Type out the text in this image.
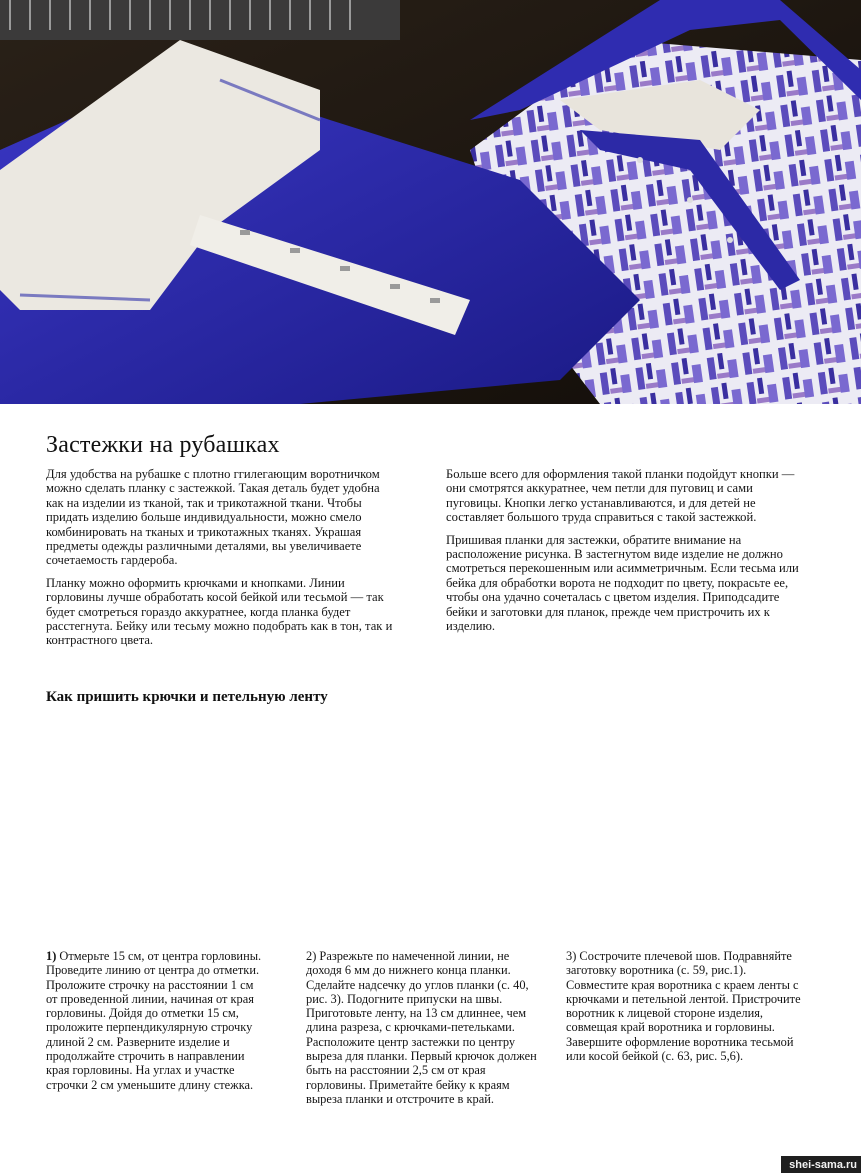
Застежки на рубашках

Для удобства на рубашке с плотно ггилегающим воротничком можно сделать планку с застежкой. Такая деталь будет удобна как на изделии из тканой, так и трикотажной ткани. Чтобы придать изделию больше индивидуальности, можно смело комбинировать на тканых и трикотажных тканях. Украшая предметы одежды различными деталями, вы увеличиваете сочетаемость гардероба.

Планку можно оформить крючками и кнопками. Линии горловины лучше обработать косой бейкой или тесьмой — так будет смотреться гораздо аккуратнее, когда планка будет расстегнута. Бейку или тесьму можно подобрать как в тон, так и контрастного цвета.

Больше всего для оформления такой планки подойдут кнопки — они смотрятся аккуратнее, чем петли для пуговиц и сами пуговицы. Кнопки легко устанавливаются, и для детей не составляет большого труда справиться с такой застежкой.

Пришивая планки для застежки, обратите внимание на расположение рисунка. В застегнутом виде изделие не должно смотреться перекошенным или асимметричным. Если тесьма или бейка для обработки ворота не подходит по цвету, покрасьте ее, чтобы она удачно сочеталась с цветом изделия. Приподсадите бейки и заготовки для планок, прежде чем пристрочить их к изделию.

Как пришить крючки и петельную ленту
1) Отмерьте 15 см, от центра горловины. Проведите линию от центра до отметки. Проложите строчку на расстоянии 1 см от проведенной линии, начиная от края горловины. Дойдя до отметки 15 см, проложите перпендикулярную строчку длиной 2 см. Разверните изделие и продолжайте строчить в направлении края горловины. На углах и участке строчки 2 см уменьшите длину стежка.
2) Разрежьте по намеченной линии, не доходя 6 мм до нижнего конца планки. Сделайте надсечку до углов планки (с. 40, рис. 3). Подогните припуски на швы. Приготовьте ленту, на 13 см длиннее, чем длина разреза, с крючками-петельками. Расположите центр застежки по центру выреза для планки. Первый крючок должен быть на расстоянии 2,5 см от края горловины. Приметайте бейку к краям выреза планки и отстрочите в край.
3) Сострочите плечевой шов. Подравняйте заготовку воротника (с. 59, рис.1). Совместите края воротника с краем ленты с крючками и петельной лентой. Пристрочите воротник к лицевой стороне изделия, совмещая край воротника и горловины. Завершите оформление воротника тесьмой или косой бейкой (с. 63, рис. 5,6).
shei-sama.ru
